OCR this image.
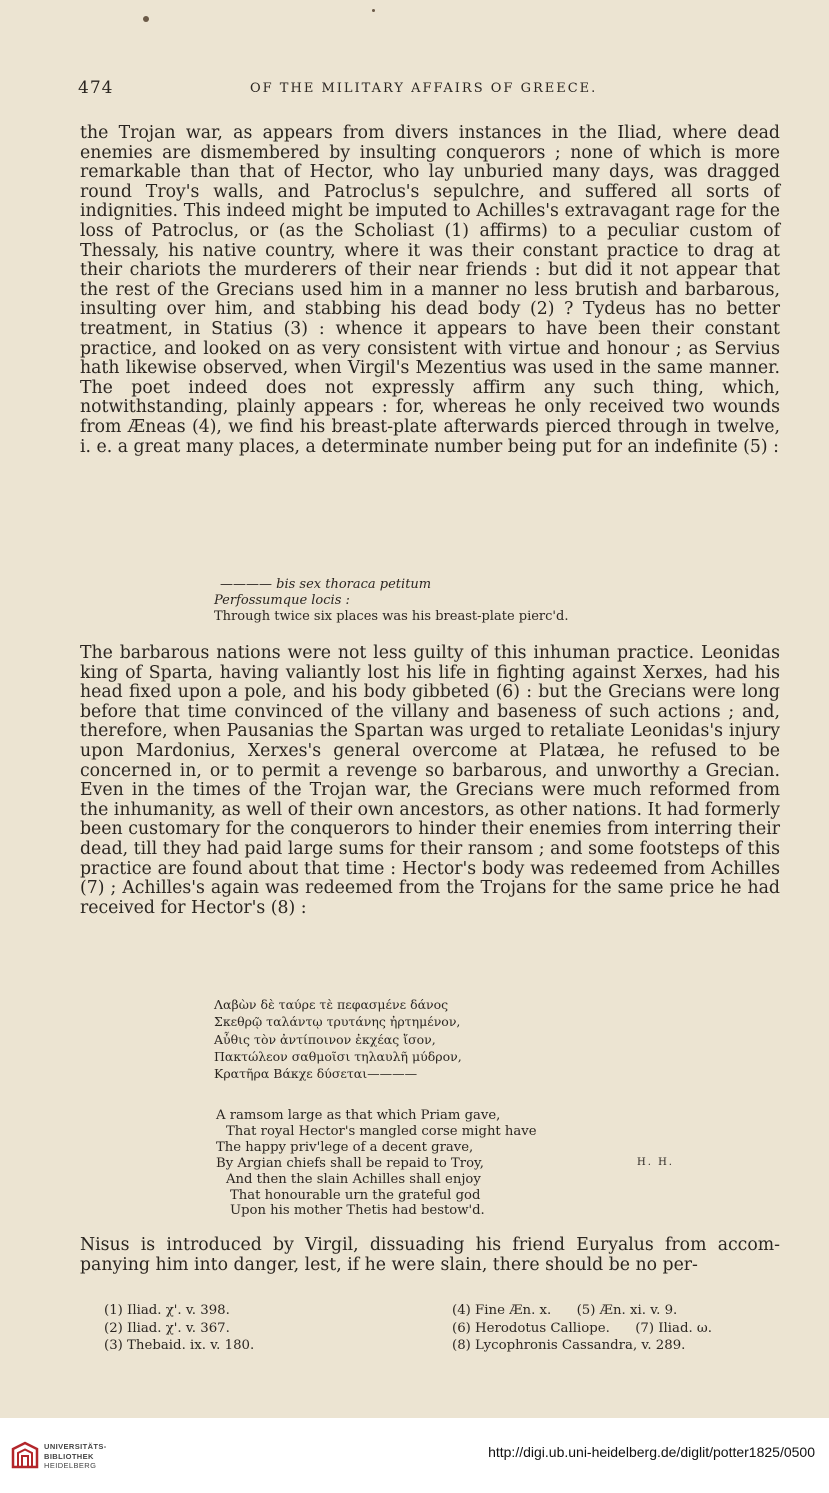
474	OF THE MILITARY AFFAIRS OF GREECE.

the Trojan war, as appears from divers instances in the Iliad, where dead enemies are dismembered by insulting conquerors ; none of which is more remarkable than that of Hector, who lay unburied many days, was dragged round Troy's walls, and Patroclus's sepulchre, and suffered all sorts of indignities. This indeed might be imputed to Achilles's extravagant rage for the loss of Patroclus, or (as the Scholiast (1) affirms) to a peculiar custom of Thessaly, his native country, where it was their constant practice to drag at their chariots the murderers of their near friends : but did it not appear that the rest of the Grecians used him in a manner no less brutish and barbarous, insulting over him, and stabbing his dead body (2) ? Tydeus has no better treatment, in Statius (3) : whence it appears to have been their constant practice, and looked on as very consistent with virtue and honour ; as Servius hath likewise observed, when Virgil's Mezentius was used in the same manner. The poet indeed does not expressly affirm any such thing, which, notwithstanding, plainly appears : for, whereas he only received two wounds from Æneas (4), we find his breast-plate afterwards pierced through in twelve, i. e. a great many places, a determinate number being put for an indefinite (5) :

———— bis sex thoraca petitum
Perfossumque locis :
Through twice six places was his breast-plate pierc'd.

The barbarous nations were not less guilty of this inhuman practice. Leonidas king of Sparta, having valiantly lost his life in fighting against Xerxes, had his head fixed upon a pole, and his body gibbeted (6) : but the Grecians were long before that time convinced of the villany and baseness of such actions ; and, therefore, when Pausanias the Spartan was urged to retaliate Leonidas's injury upon Mardonius, Xerxes's general overcome at Platæa, he refused to be concerned in, or to permit a revenge so barbarous, and unworthy a Grecian. Even in the times of the Trojan war, the Grecians were much reformed from the inhumanity, as well of their own ancestors, as other nations. It had formerly been customary for the conquerors to hinder their enemies from interring their dead, till they had paid large sums for their ransom ; and some footsteps of this practice are found about that time : Hector's body was redeemed from Achilles (7) ; Achilles's again was redeemed from the Trojans for the same price he had received for Hector's (8) :

Λαβὼν δὲ ταύρε τὲ πεφασμένε δάνος
Σκεθρῷ ταλάντῳ τρυτάνης ἠρτημένον,
Αὖθις τὸν ἀντίποινον ἐκχέας ἴσον,
Πακτώλεον σαθμοῖσι τηλαυλῆ μύδρον,
Κρατῆρα Βάκχε δύσεται————
A ramsom large as that which Priam gave,
That royal Hector's mangled corse might have
The happy priv'lege of a decent grave,
By Argian chiefs shall be repaid to Troy,
And then the slain Achilles shall enjoy
That honourable urn the grateful god
Upon his mother Thetis had bestow'd.
H. H.

Nisus is introduced by Virgil, dissuading his friend Euryalus from accompanying him into danger, lest, if he were slain, there should be no per-

(1) Iliad. χ'. v. 398.
(2) Iliad. χ'. v. 367.
(3) Thebaid. ix. v. 180.
(4) Fine Æn. x.      (5) Æn. xi. v. 9.
(6) Herodotus Calliope.      (7) Iliad. ω.
(8) Lycophronis Cassandra, v. 289.
UNIVERSITÄTS-
BIBLIOTHEK
HEIDELBERG
http://digi.ub.uni-heidelberg.de/diglit/potter1825/0500
